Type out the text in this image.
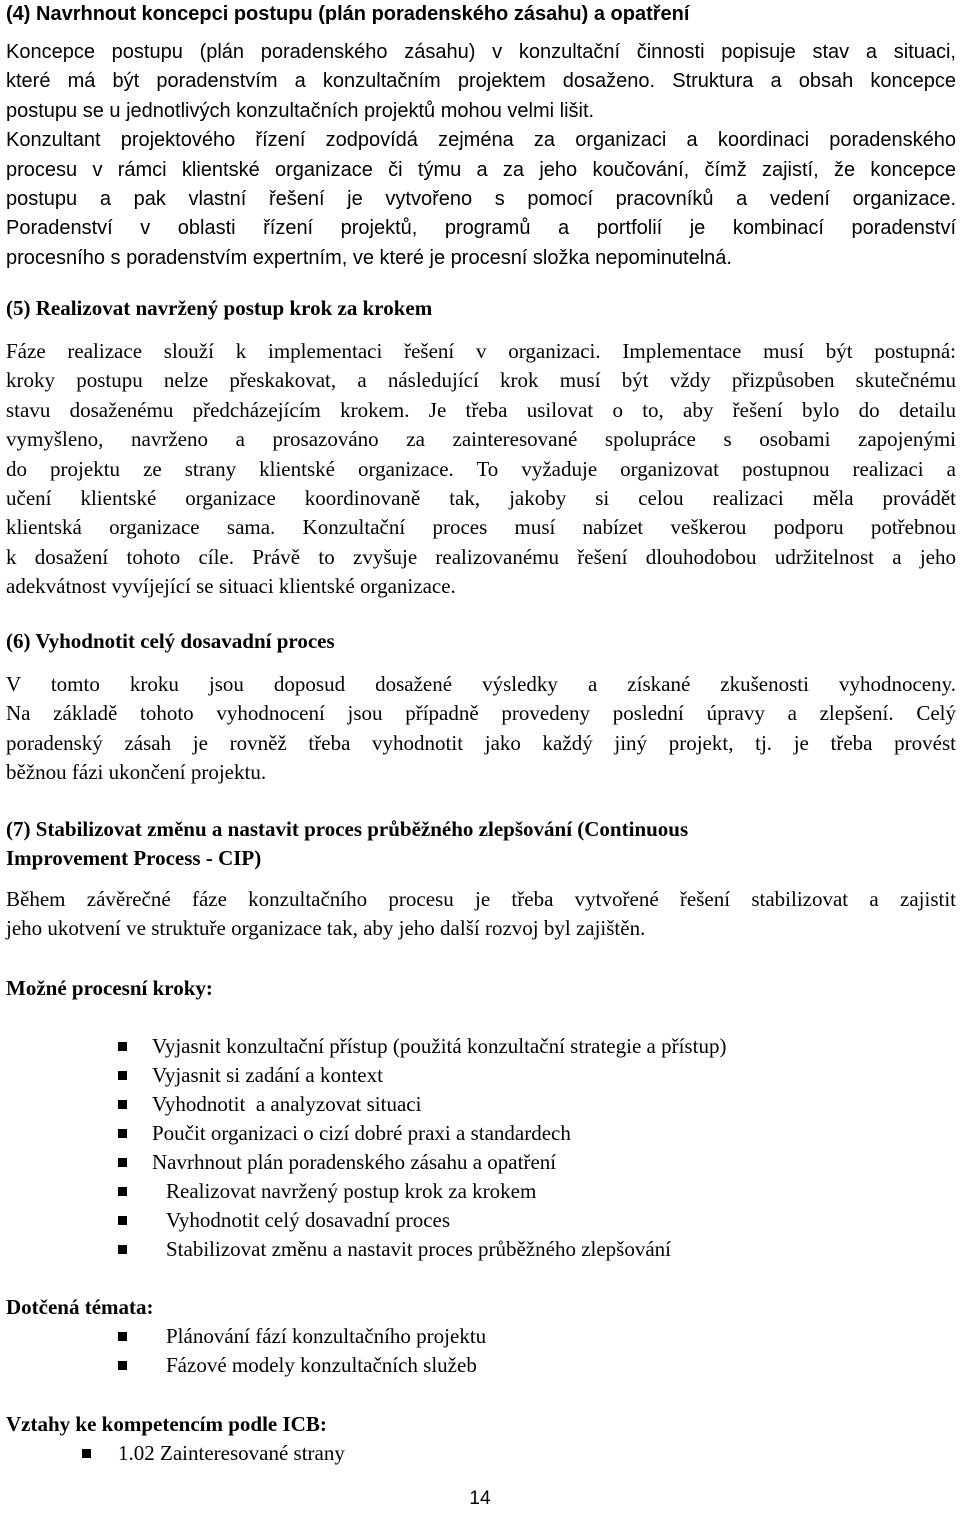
(4) Navrhnout koncepci postupu (plán poradenského zásahu) a opatření
Koncepce postupu (plán poradenského zásahu) v konzultační činnosti popisuje stav a situaci,
které má být poradenstvím a konzultačním projektem dosaženo. Struktura a obsah koncepce
postupu se u jednotlivých konzultačních projektů mohou velmi lišit.
Konzultant projektového řízení zodpovídá zejména za organizaci a koordinaci poradenského
procesu v rámci klientské organizace či týmu a za jeho koučování, čímž zajistí, že koncepce
postupu a pak vlastní řešení je vytvořeno s pomocí pracovníků a vedení organizace.
Poradenství v oblasti řízení projektů, programů a portfolií je kombinací poradenství
procesního s poradenstvím expertním, ve které je procesní složka nepominutelná.
(5) Realizovat navržený postup krok za krokem
Fáze realizace slouží k implementaci řešení v organizaci. Implementace musí být postupná:
kroky postupu nelze přeskakovat, a následující krok musí být vždy přizpůsoben skutečnému
stavu dosaženému předcházejícím krokem. Je třeba usilovat o to, aby řešení bylo do detailu
vymyšleno, navrženo a prosazováno za zainteresované spolupráce s osobami zapojenými
do projektu ze strany klientské organizace. To vyžaduje organizovat postupnou realizaci a
učení klientské organizace koordinovaně tak, jakoby si celou realizaci měla provádět
klientská organizace sama. Konzultační proces musí nabízet veškerou podporu potřebnou
k dosažení tohoto cíle. Právě to zvyšuje realizovanému řešení dlouhodobou udržitelnost a jeho
adekvátnost vyvíjející se situaci klientské organizace.
(6) Vyhodnotit celý dosavadní proces
V tomto kroku jsou doposud dosažené výsledky a získané zkušenosti vyhodnoceny.
Na základě tohoto vyhodnocení jsou případně provedeny poslední úpravy a zlepšení. Celý
poradenský zásah je rovněž třeba vyhodnotit jako každý jiný projekt, tj. je třeba provést
běžnou fázi ukončení projektu.
(7) Stabilizovat změnu a nastavit proces průběžného zlepšování (Continuous
Improvement Process - CIP)
Během závěrečné fáze konzultačního procesu je třeba vytvořené řešení stabilizovat a zajistit
jeho ukotvení ve struktuře organizace tak, aby jeho další rozvoj byl zajištěn.
Možné procesní kroky:
Vyjasnit konzultační přístup (použitá konzultační strategie a přístup)
Vyjasnit si zadání a kontext
Vyhodnotit  a analyzovat situaci
Poučit organizaci o cizí dobré praxi a standardech
Navrhnout plán poradenského zásahu a opatření
Realizovat navržený postup krok za krokem
Vyhodnotit celý dosavadní proces
Stabilizovat změnu a nastavit proces průběžného zlepšování
Dotčená témata:
Plánování fází konzultačního projektu
Fázové modely konzultačních služeb
Vztahy ke kompetencím podle ICB:
1.02 Zainteresované strany
14
